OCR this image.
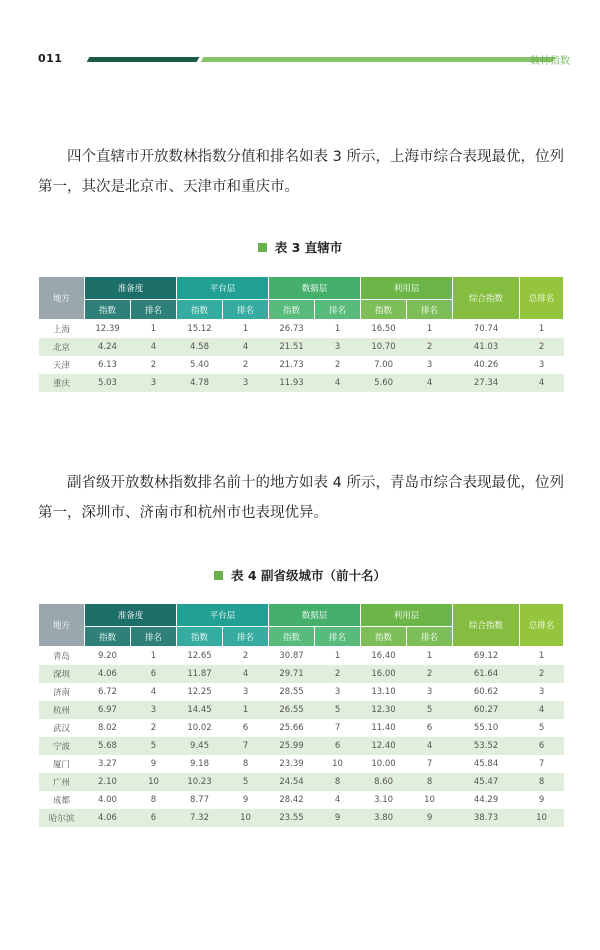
011	数林指数

四个直辖市开放数林指数分值和排名如表 3 所示，上海市综合表现最优，位列第一，其次是北京市、天津市和重庆市。

表 3 直辖市
地方	准备度		平台层		数据层		利用层		综合指数	总排名
	指数	排名	指数	排名	指数	排名	指数	排名		
上海	12.39	1	15.12	1	26.73	1	16.50	1	70.74	1
北京	4.24	4	4.58	4	21.51	3	10.70	2	41.03	2
天津	6.13	2	5.40	2	21.73	2	7.00	3	40.26	3
重庆	5.03	3	4.78	3	11.93	4	5.60	4	27.34	4

副省级开放数林指数排名前十的地方如表 4 所示，青岛市综合表现最优，位列第一，深圳市、济南市和杭州市也表现优异。

表 4 副省级城市（前十名）
地方	准备度		平台层		数据层		利用层		综合指数	总排名
	指数	排名	指数	排名	指数	排名	指数	排名		
青岛	9.20	1	12.65	2	30.87	1	16.40	1	69.12	1
深圳	4.06	6	11.87	4	29.71	2	16.00	2	61.64	2
济南	6.72	4	12.25	3	28.55	3	13.10	3	60.62	3
杭州	6.97	3	14.45	1	26.55	5	12.30	5	60.27	4
武汉	8.02	2	10.02	6	25.66	7	11.40	6	55.10	5
宁波	5.68	5	9.45	7	25.99	6	12.40	4	53.52	6
厦门	3.27	9	9.18	8	23.39	10	10.00	7	45.84	7
广州	2.10	10	10.23	5	24.54	8	8.60	8	45.47	8
成都	4.00	8	8.77	9	28.42	4	3.10	10	44.29	9
哈尔滨	4.06	6	7.32	10	23.55	9	3.80	9	38.73	10
